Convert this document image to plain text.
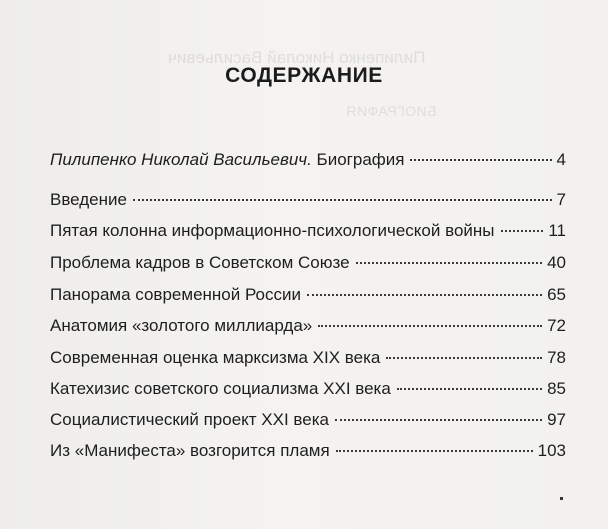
Пилипенко Николай Васильевич
БИОГРАФИЯ
СОДЕРЖАНИЕ
Пилипенко Николай Васильевич. Биография	4
Введение	7
Пятая колонна информационно-психологической войны	11
Проблема кадров в Советском Союзе	40
Панорама современной России	65
Анатомия «золотого миллиарда»	72
Современная оценка марксизма XIX века	78
Катехизис советского социализма XXI века	85
Социалистический проект XXI века	97
Из «Манифеста» возгорится пламя	103
